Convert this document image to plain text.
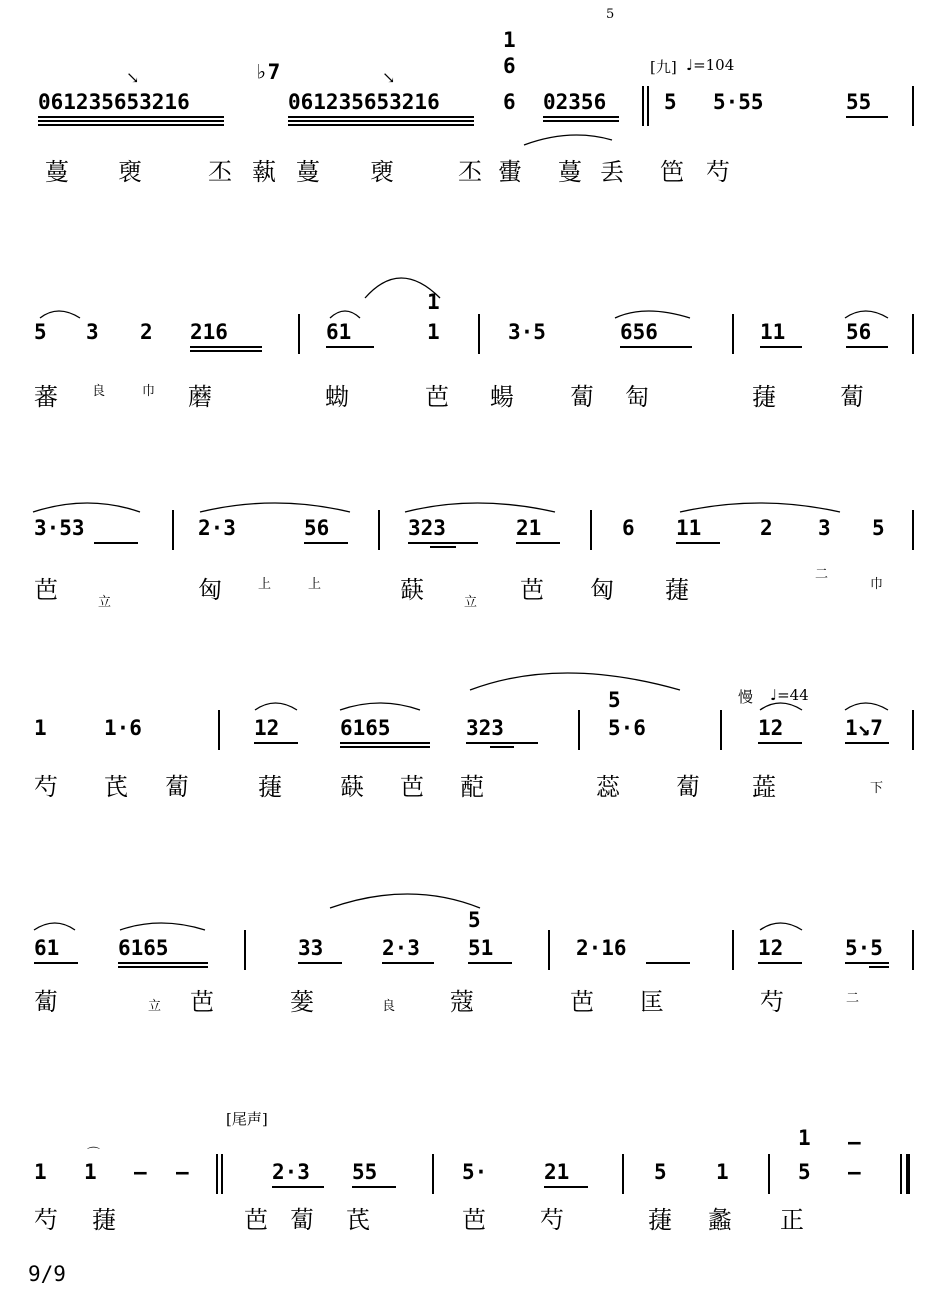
061235653216
↘	♭7
061235653216
↘
1
6
6 02356
5
[九] ♩=104
5 5·55	55
蔓 褏	丕 蓻 蔓 褏	丕 蟗 蔓 丢 笆 芍
5 3 2 216	61
1
1	3·5	656	11	56
蕃	良	巾 蘑	蜐	芭 蝪 蔔 匋	蓵	蔔
3·53	2·3	56	323	21	6 11	2 3 5
芭	立	匈	上	上	蒛	立 芭 匈 蓵
二
巾
慢 ♩=44
1	1·6	12	6165	323
5
5·6	12	1↘7
芍 芪 蔔	蓵 蒛 芭 蓜	蕊 蔔 蕋	下
61	6165	33	2·3
5
51	2·16	12	5·5
蔔	立 芭	蓌	良 蔻	芭 匡	芍	二
[尾声]
1 1
⌒
— —	2·3 55	5·	21	5 1
1
5
—
—
芍 蓵	芭 蔔 芪	芭 芍	蓵 蠡 正
9/9
